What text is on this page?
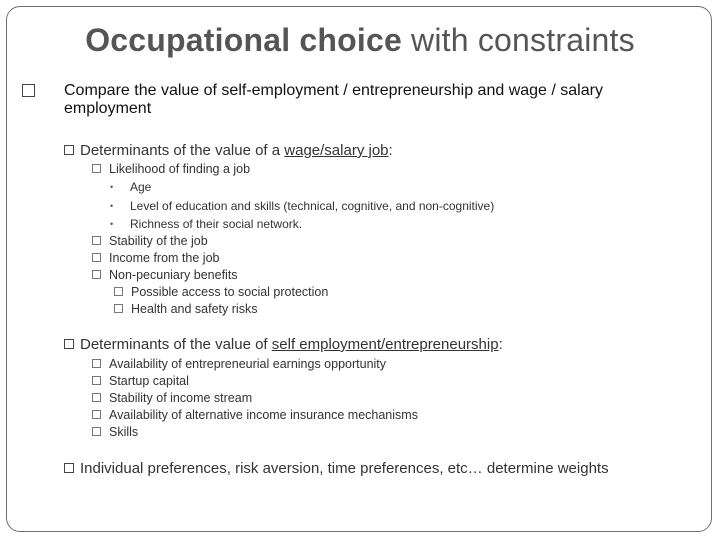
Occupational choice with constraints
Compare the value of self-employment / entrepreneurship and wage / salary
employment
Determinants of the value of a wage/salary job:
Likelihood of finding a job
• Age
• Level of education and skills (technical, cognitive, and non-cognitive)
• Richness of their social network.
Stability of the job
Income from the job
Non-pecuniary benefits
Possible access to social protection
Health and safety risks
Determinants of the value of self employment/entrepreneurship:
Availability of entrepreneurial earnings opportunity
Startup capital
Stability of income stream
Availability of alternative income insurance mechanisms
Skills
Individual preferences, risk aversion, time preferences, etc… determine weights
